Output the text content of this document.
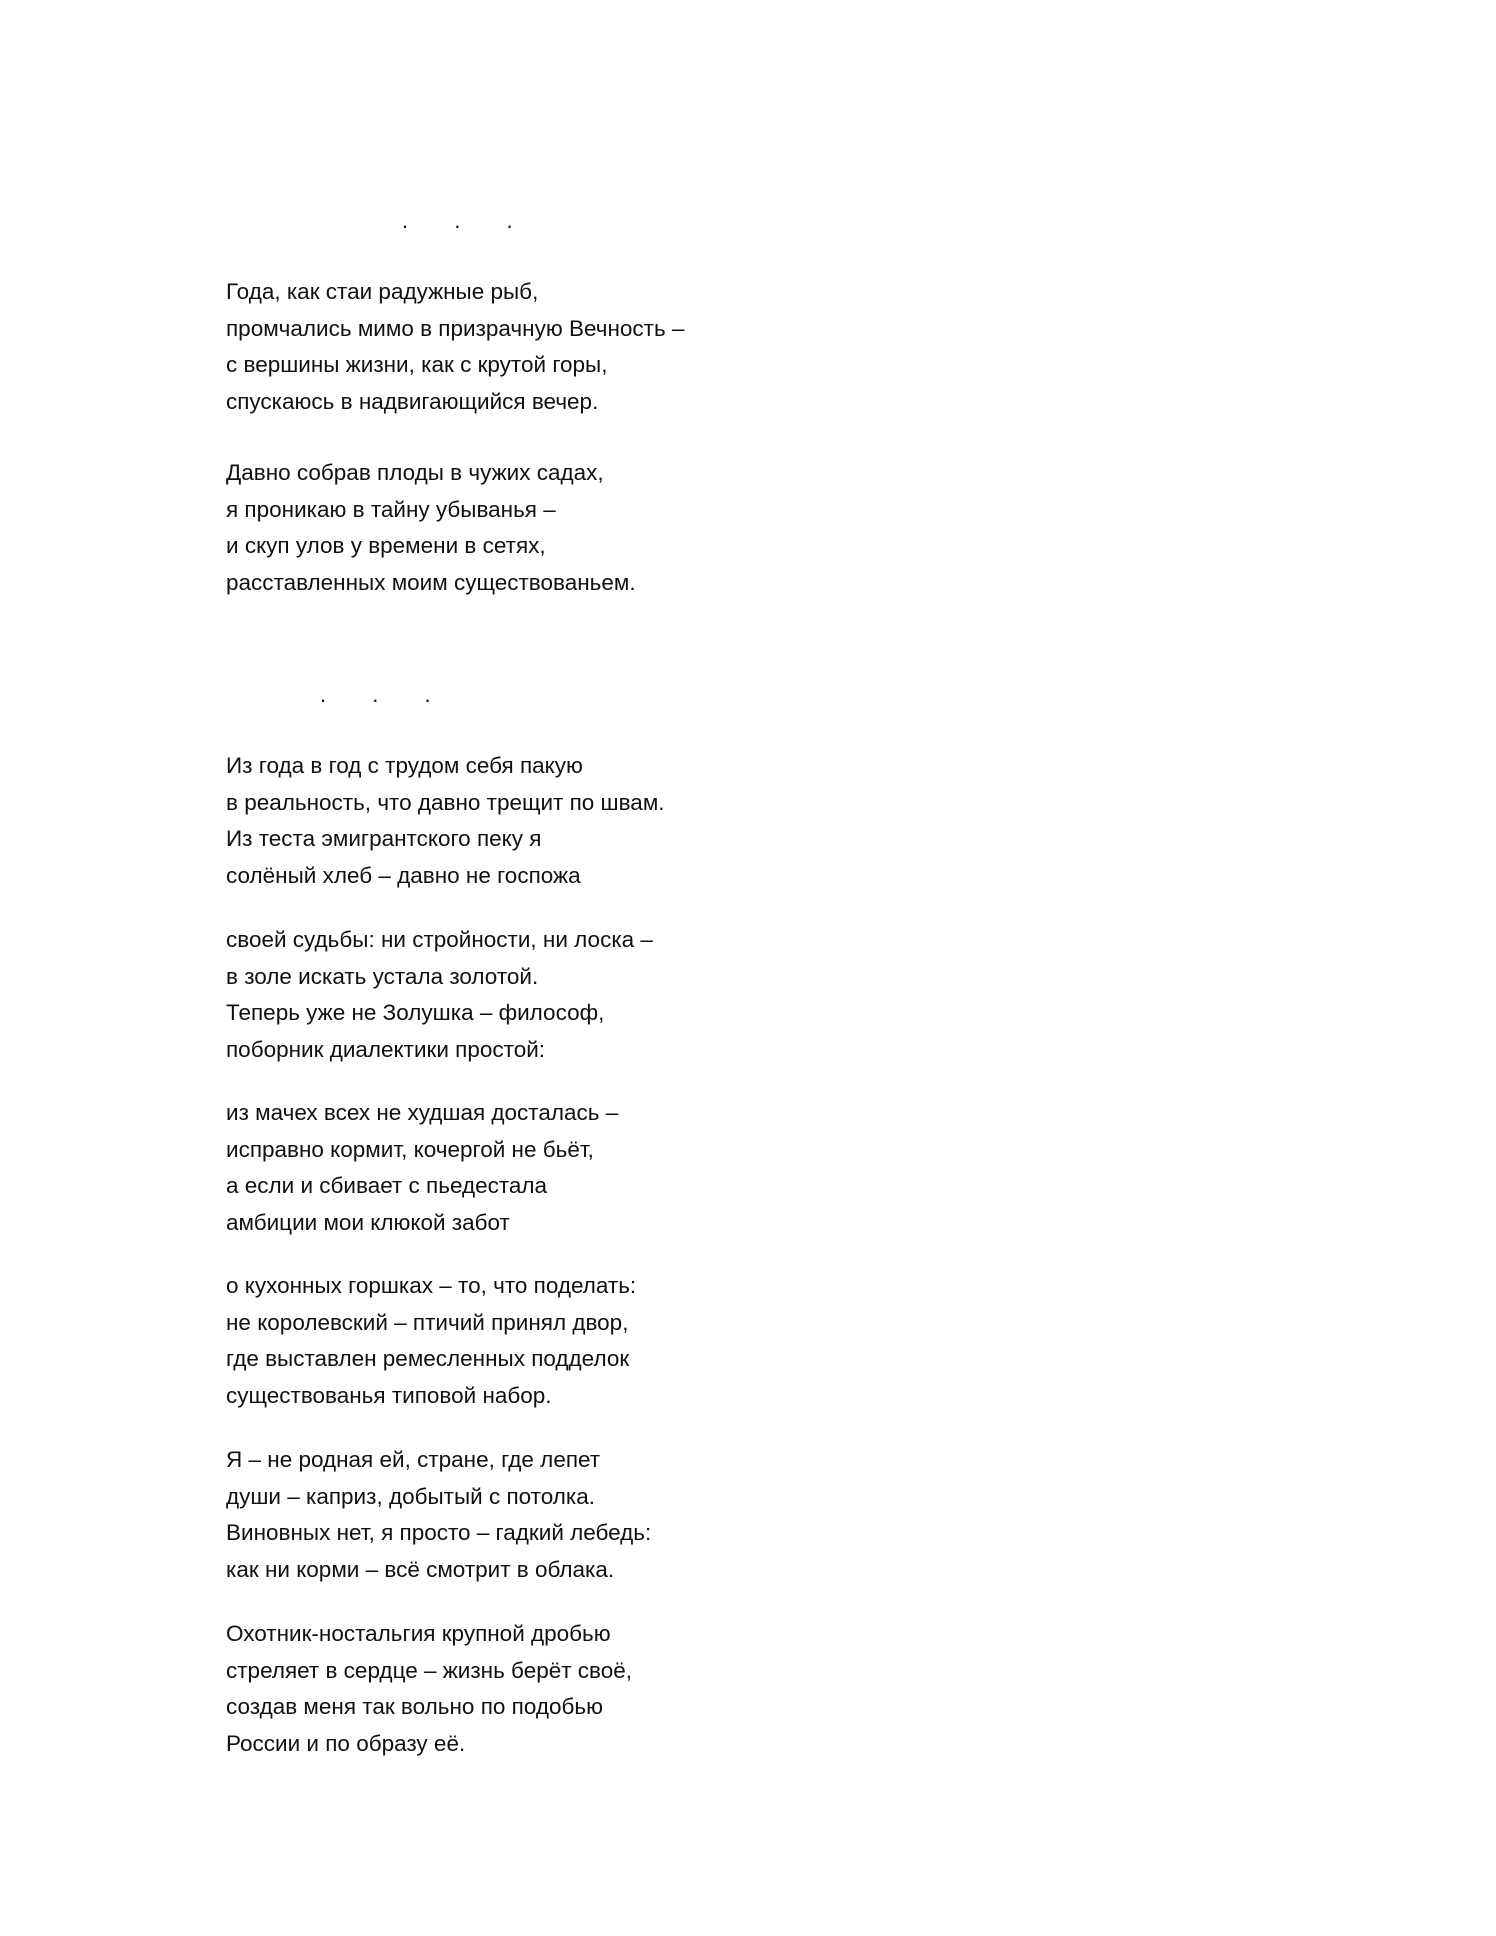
. . .
Года, как стаи радужные рыб,
промчались мимо в призрачную Вечность –
с вершины жизни, как с крутой горы,
спускаюсь в надвигающийся вечер.
Давно собрав плоды в чужих садах,
я проникаю в тайну убыванья –
и скуп улов у времени в сетях,
расставленных моим существованьем.
. . .
Из года в год с трудом себя пакую
в реальность, что давно трещит по швам.
Из теста эмигрантского пеку я
солёный хлеб – давно не госпожа
своей судьбы: ни стройности, ни лоска –
в золе искать устала золотой.
Теперь уже не Золушка – философ,
поборник диалектики простой:
из мачех всех не худшая досталась –
исправно кормит, кочергой не бьёт,
а если и сбивает с пьедестала
амбиции мои клюкой забот
о кухонных горшках – то, что поделать:
не королевский – птичий принял двор,
где выставлен ремесленных подделок
существованья типовой набор.
Я – не родная ей, стране, где лепет
души – каприз, добытый с потолка.
Виновных нет, я просто – гадкий лебедь:
как ни корми – всё смотрит в облака.
Охотник-ностальгия крупной дробью
стреляет в сердце – жизнь берёт своё,
создав меня так вольно по подобью
России и по образу её.
